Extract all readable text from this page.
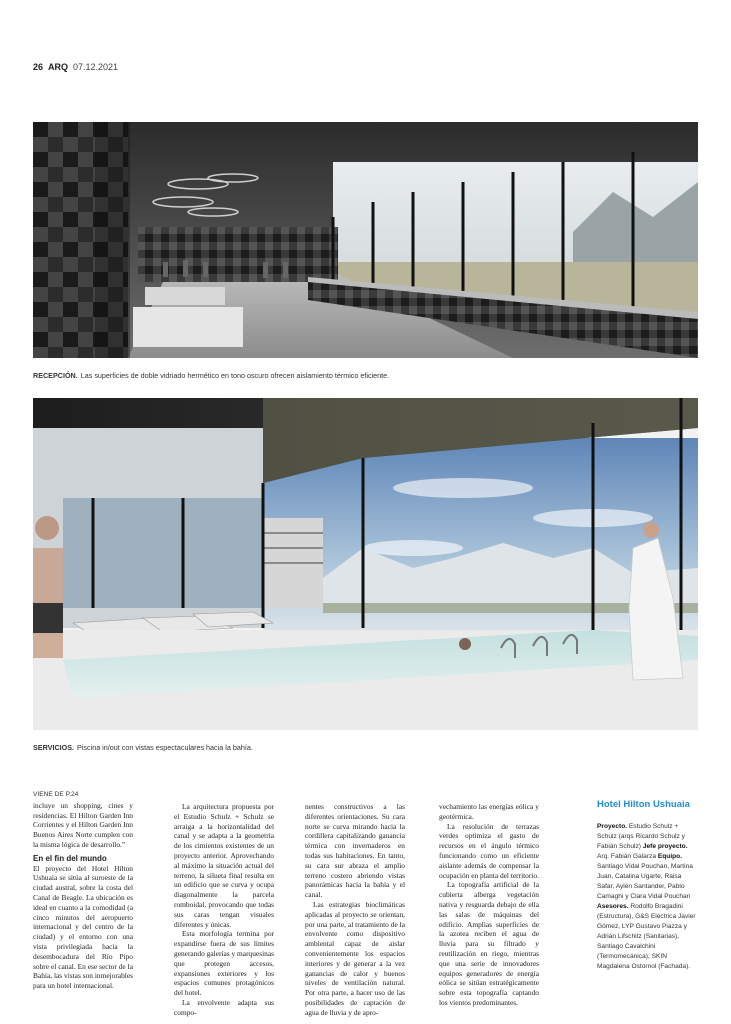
26 ARQ 07.12.2021
RECEPCIÓN. Las superficies de doble vidriado hermético en tono oscuro ofrecen aislamiento térmico eficiente.
SERVICIOS. Piscina in/out con vistas espectaculares hacia la bahía.
VIENE DE P.24

incluye un shopping, cines y residencias. El Hilton Garden Inn Corrientes y el Hilton Garden Inn Buenos Aires Norte cumplen con la misma lógica de desarrollo.”

En el fin del mundo

El proyecto del Hotel Hilton Ushuaia se sitúa al suroeste de la ciudad austral, sobre la costa del Canal de Beagle. La ubicación es ideal en cuanto a la comodidad (a cinco minutos del aeropuerto internacional y del centro de la ciudad) y el entorno con una vista privilegiada hacia la desembocadura del Río Pipo sobre el canal. En ese sector de la Bahía, las vistas son inmejorables para un hotel internacional.

La arquitectura propuesta por el Estudio Schulz + Schulz se arraiga a la horizontalidad del canal y se adapta a la geometría de los cimientos existentes de un proyecto anterior. Aprovechando al máximo la situación actual del terreno, la silueta final resulta en un edificio que se curva y ocupa diagonalmente la parcela romboidal, provocando que todas sus caras tengan visuales diferentes y únicas.

Esta morfología termina por expandirse fuera de sus límites generando galerías y marquesinas que protegen accesos, expansiones exteriores y los espacios comunes protagónicos del hotel.

La envolvente adapta sus compo-

nentes constructivos a las diferentes orientaciones. Su cara norte se curva mirando hacia la cordillera capitalizando ganancia térmica con invernaderos en todas sus habitaciones. En tanto, su cara sur abraza el amplio terreno costero abriendo vistas panorámicas hacia la bahía y el canal.

Las estrategias bioclimáticas aplicadas al proyecto se orientan, por una parte, al tratamiento de la envolvente como dispositivo ambiental capaz de aislar convenientemente los espacios interiores y de generar a la vez ganancias de calor y buenos niveles de ventilación natural. Por otra parte, a hacer uso de las posibilidades de captación de agua de lluvia y de apro-

vechamiento las energías eólica y geotérmica.

La resolución de terrazas verdes optimiza el gasto de recursos en el ángulo térmico funcionando como un eficiente aislante además de compensar la ocupación en planta del territorio.

La topografía artificial de la cubierta alberga vegetación nativa y resguarda debajo de ella las salas de máquinas del edificio. Amplias superficies de la azotea reciben el agua de lluvia para su filtrado y reutilización en riego, mientras que una serie de innovadores equipos generadores de energía eólica se sitúan estratégicamente sobre esta topografía captando los vientos predominantes.

Hotel Hilton Ushuaia
Proyecto. Estudio Schulz + Schulz (arqs Ricardo Schulz y Fabián Schulz) Jefe proyecto. Arq. Fabián Galarza Equipo. Santiago Vidal Pouchan, Martina Juan, Catalina Ugarte, Raisa Safar, Aylén Santander, Pablo Camaghi y Clara Vidal Pouchan Asesores. Rodolfo Bragadini (Estructura), G&S Eléctrica Javier Gómez, LYP Gustavo Piazza y Adrián Lifschitz (Sanitarias), Santiago Cavalchini (Termomecánica), SKIN Magdalena Ostornol (Fachada).
